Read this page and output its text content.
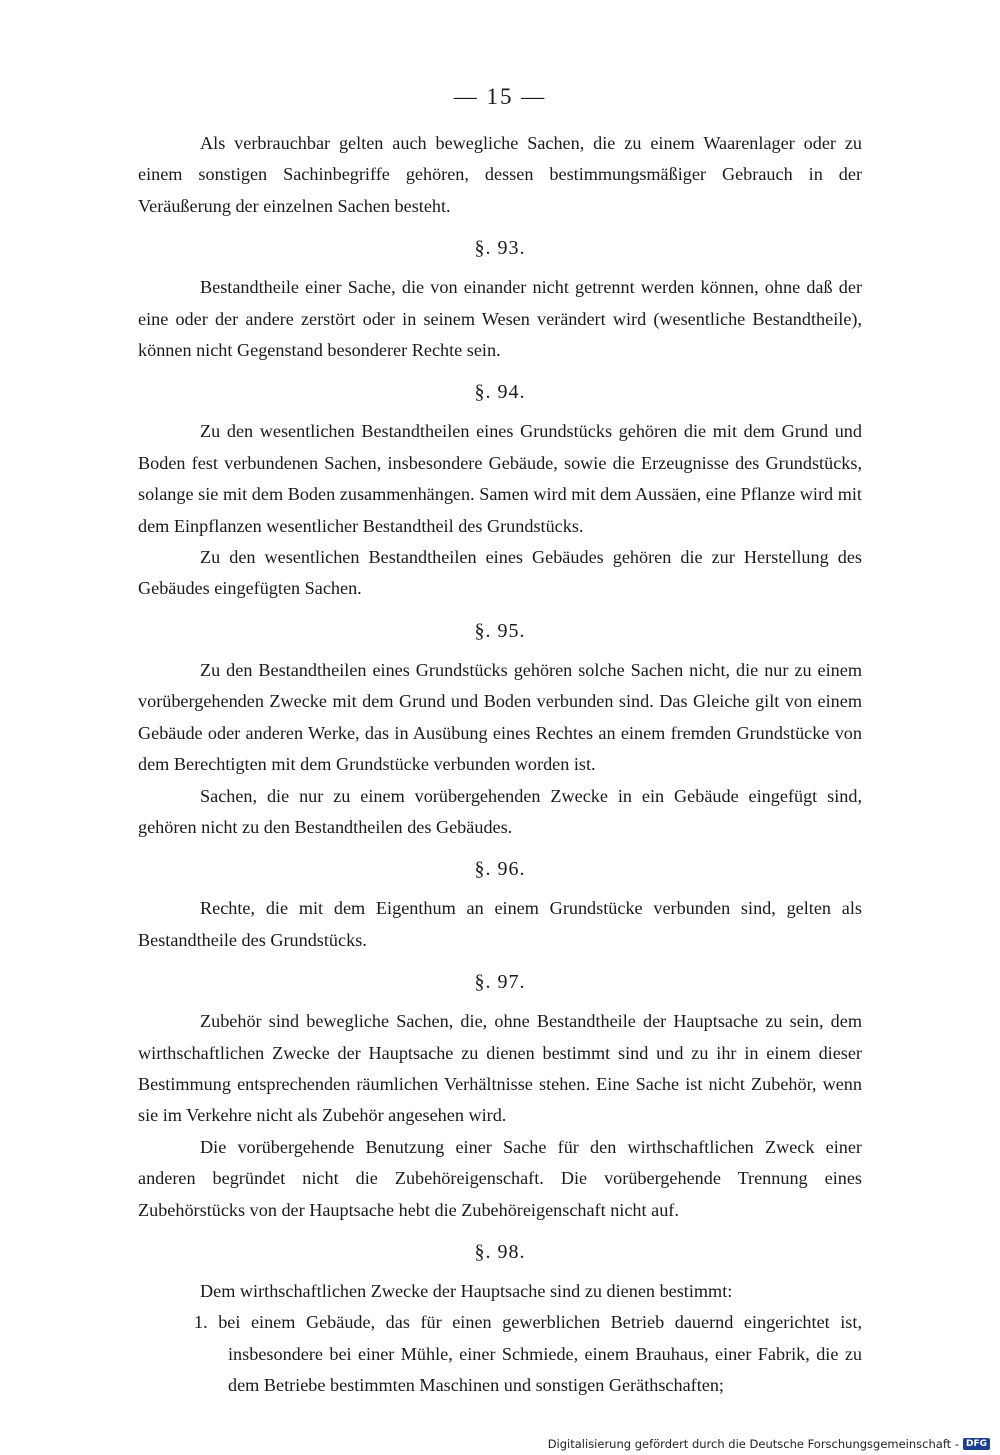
— 15 —

Als verbrauchbar gelten auch bewegliche Sachen, die zu einem Waarenlager oder zu einem sonstigen Sachinbegriffe gehören, dessen bestimmungsmäßiger Gebrauch in der Veräußerung der einzelnen Sachen besteht.

§. 93.

Bestandtheile einer Sache, die von einander nicht getrennt werden können, ohne daß der eine oder der andere zerstört oder in seinem Wesen verändert wird (wesentliche Bestandtheile), können nicht Gegenstand besonderer Rechte sein.

§. 94.

Zu den wesentlichen Bestandtheilen eines Grundstücks gehören die mit dem Grund und Boden fest verbundenen Sachen, insbesondere Gebäude, sowie die Erzeugnisse des Grundstücks, solange sie mit dem Boden zusammenhängen. Samen wird mit dem Aussäen, eine Pflanze wird mit dem Einpflanzen wesentlicher Bestandtheil des Grundstücks.

Zu den wesentlichen Bestandtheilen eines Gebäudes gehören die zur Herstellung des Gebäudes eingefügten Sachen.

§. 95.

Zu den Bestandtheilen eines Grundstücks gehören solche Sachen nicht, die nur zu einem vorübergehenden Zwecke mit dem Grund und Boden verbunden sind. Das Gleiche gilt von einem Gebäude oder anderen Werke, das in Ausübung eines Rechtes an einem fremden Grundstücke von dem Berechtigten mit dem Grundstücke verbunden worden ist.

Sachen, die nur zu einem vorübergehenden Zwecke in ein Gebäude eingefügt sind, gehören nicht zu den Bestandtheilen des Gebäudes.

§. 96.

Rechte, die mit dem Eigenthum an einem Grundstücke verbunden sind, gelten als Bestandtheile des Grundstücks.

§. 97.

Zubehör sind bewegliche Sachen, die, ohne Bestandtheile der Hauptsache zu sein, dem wirthschaftlichen Zwecke der Hauptsache zu dienen bestimmt sind und zu ihr in einem dieser Bestimmung entsprechenden räumlichen Verhältnisse stehen. Eine Sache ist nicht Zubehör, wenn sie im Verkehre nicht als Zubehör angesehen wird.

Die vorübergehende Benutzung einer Sache für den wirthschaftlichen Zweck einer anderen begründet nicht die Zubehöreigenschaft. Die vorübergehende Trennung eines Zubehörstücks von der Hauptsache hebt die Zubehöreigenschaft nicht auf.

§. 98.

Dem wirthschaftlichen Zwecke der Hauptsache sind zu dienen bestimmt:

1. bei einem Gebäude, das für einen gewerblichen Betrieb dauernd eingerichtet ist, insbesondere bei einer Mühle, einer Schmiede, einem Brauhaus, einer Fabrik, die zu dem Betriebe bestimmten Maschinen und sonstigen Geräthschaften;

Digitalisierung gefördert durch die Deutsche Forschungsgemeinschaft - DFG
